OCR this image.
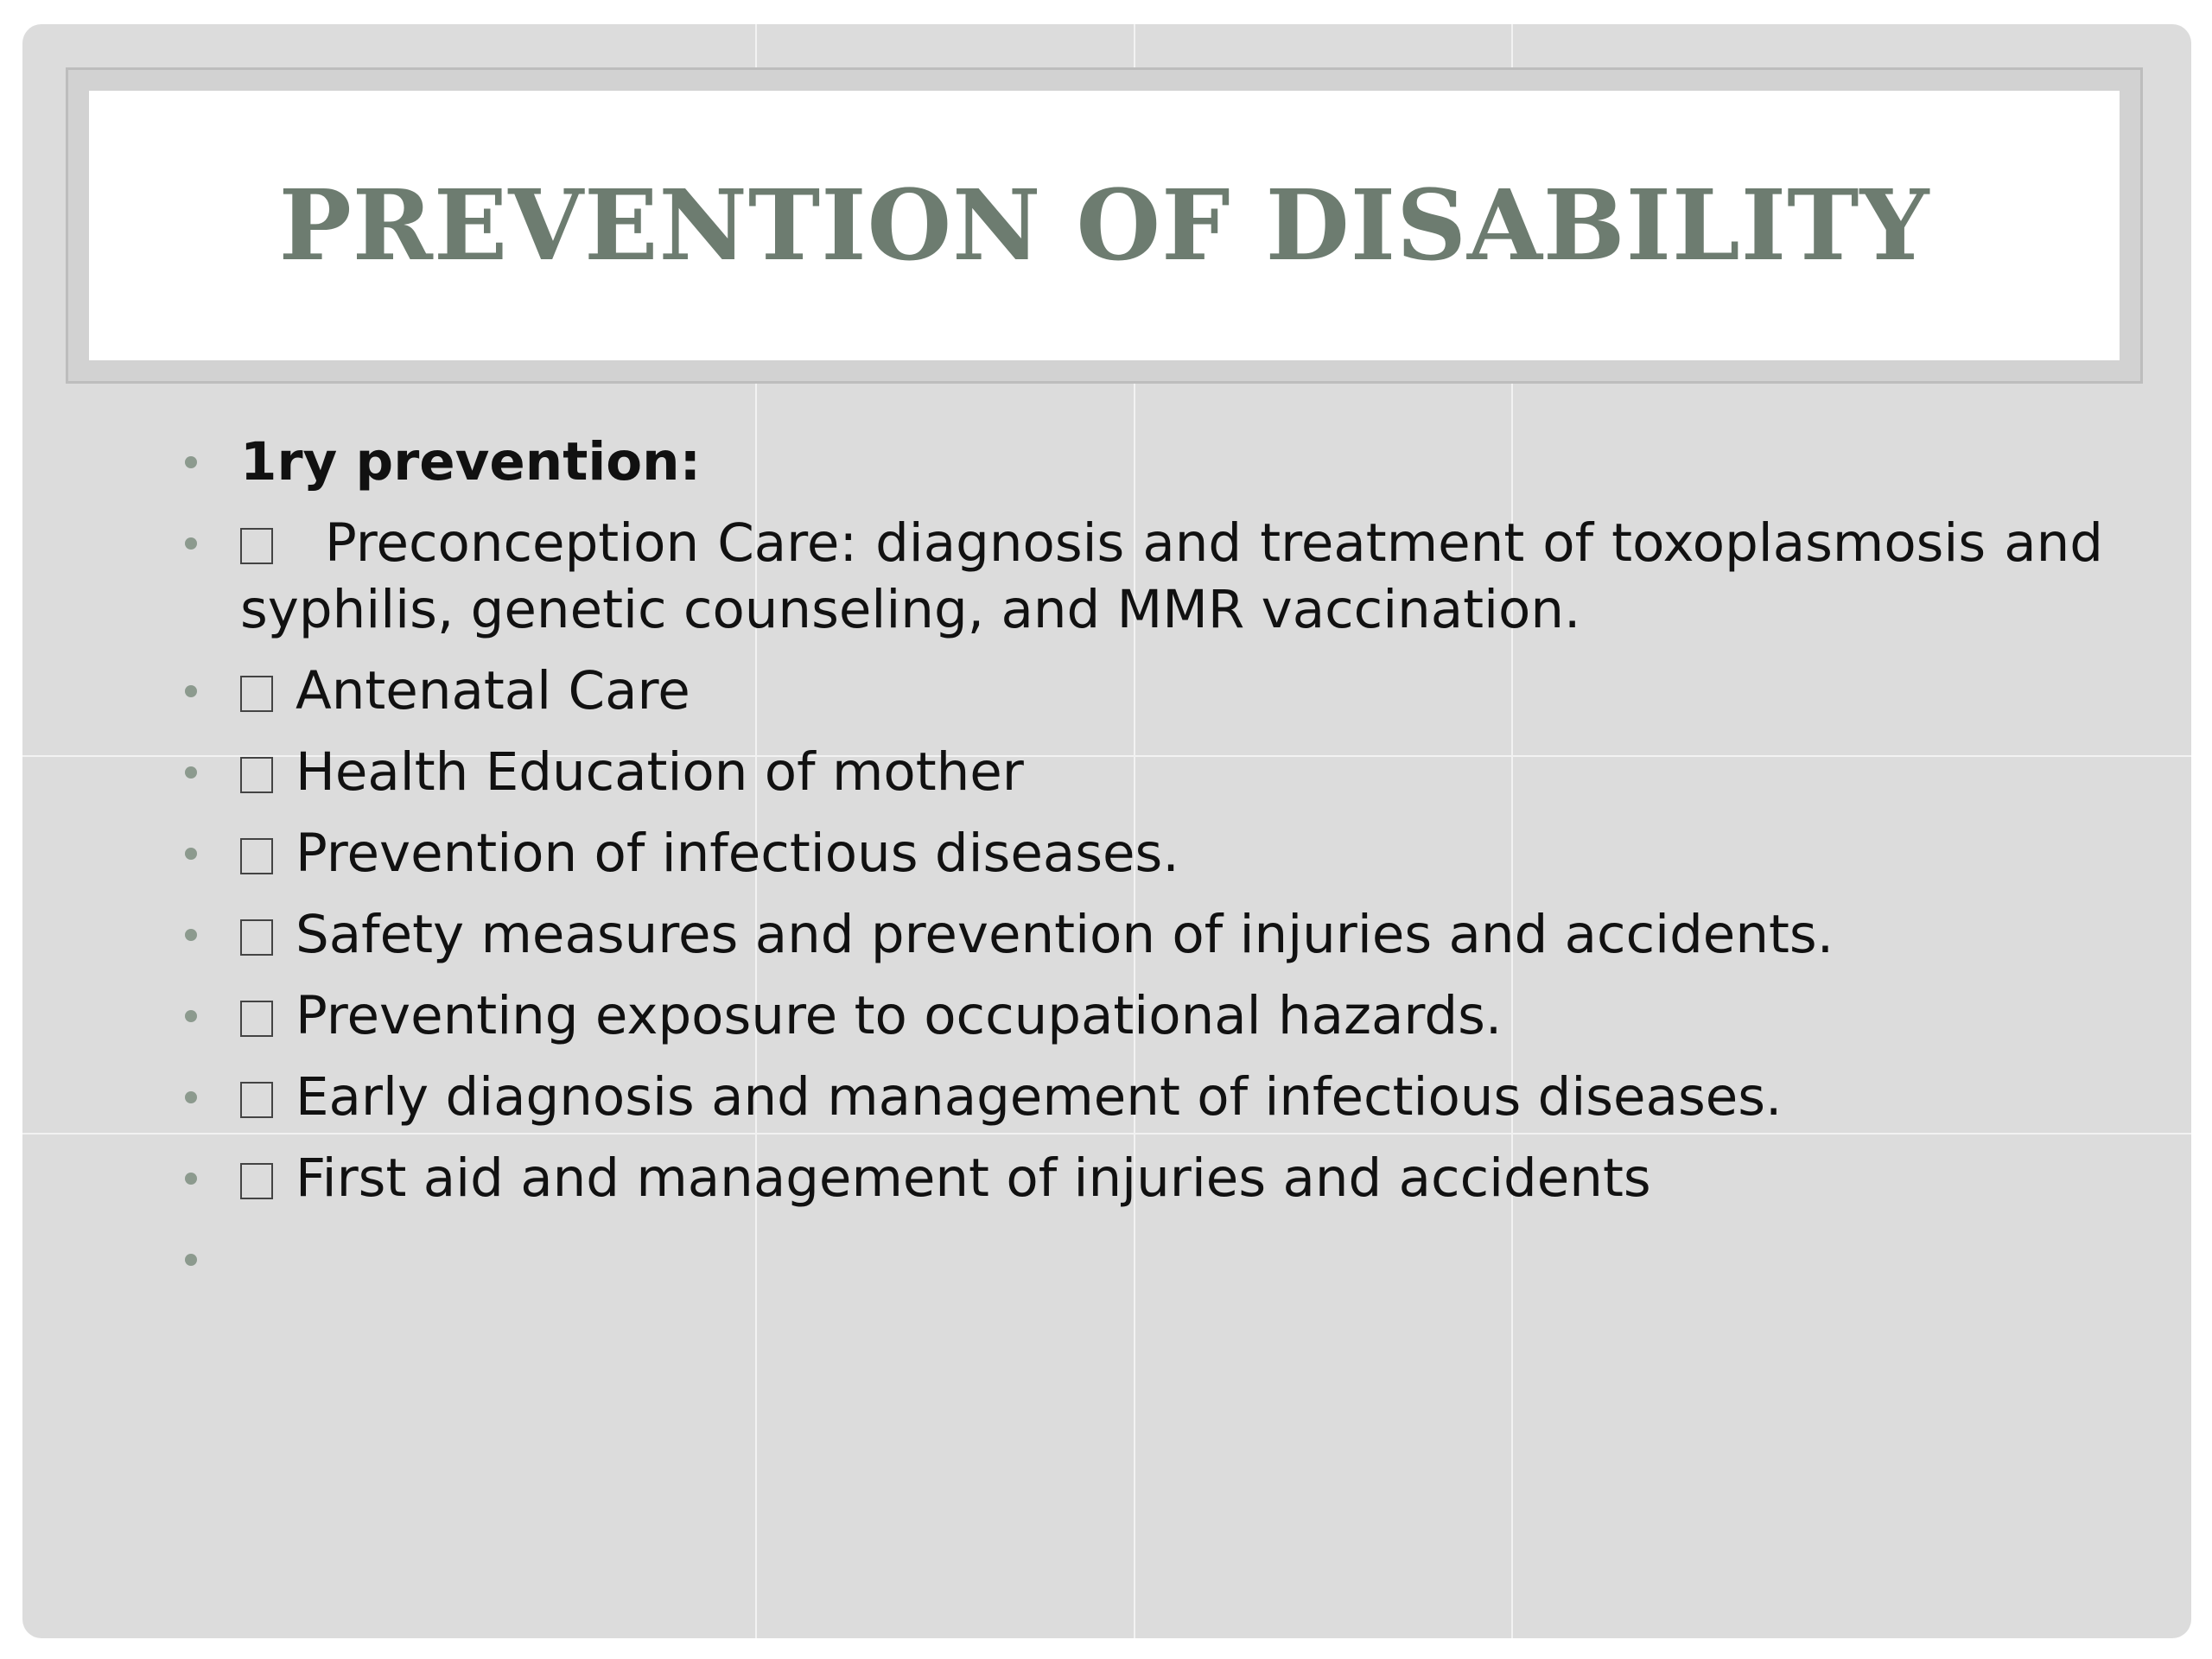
PREVENTION OF DISABILITY
1ry prevention:
Preconception Care: diagnosis and treatment of toxoplasmosis and syphilis, genetic counseling, and MMR vaccination.
Antenatal Care
Health Education of mother
Prevention of infectious diseases.
Safety measures and prevention of injuries and accidents.
Preventing exposure to occupational hazards.
Early diagnosis and management of infectious diseases.
First aid and management of injuries and accidents
